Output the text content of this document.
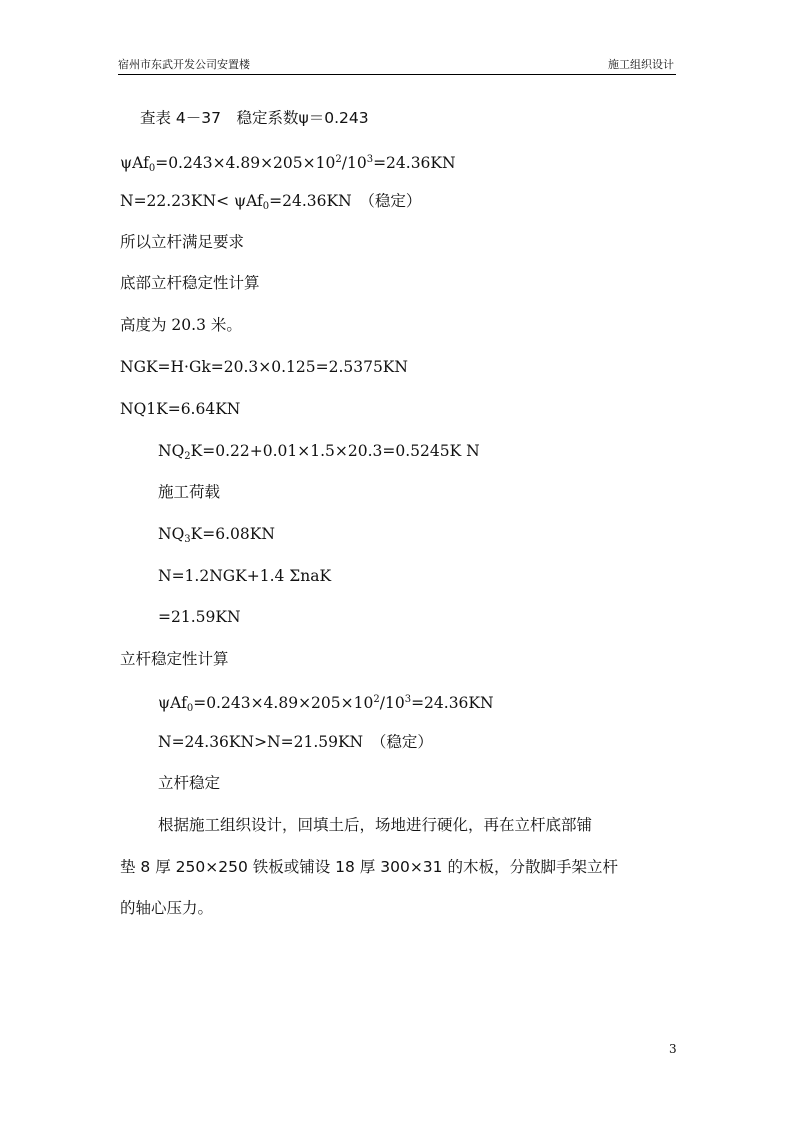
宿州市东武开发公司安置楼	施工组织设计
查表 4－37　稳定系数ψ＝0.243
$\psi Af_0=0.243\times 4.89\times 205\times 10^2/10^3=24.36KN$
N=22.23KN< ψAf$_0$=24.36KN　（稳定）
所以立杆满足要求
底部立杆稳定性计算
高度为 20.3 米。
NGK=H·Gk=20.3×0.125=2.5375KN
NQ1K=6.64KN
$NQ_2K=0.22+0.01\times 1.5\times 20.3=0.5245K$ N
施工荷载
$NQ_3K=6.08KN$
N=1.2NGK+1.4 ΣnaK
=21.59KN
立杆稳定性计算
$\psi Af_0=0.243\times 4.89\times 205\times 10^2/10^3=24.36KN$
N=24.36KN>N=21.59KN　（稳定）
立杆稳定
根据施工组织设计，回填土后，场地进行硬化，再在立杆底部铺
垫 8 厚 250×250 铁板或铺设 18 厚 300×31 的木板，分散脚手架立杆
的轴心压力。
3
